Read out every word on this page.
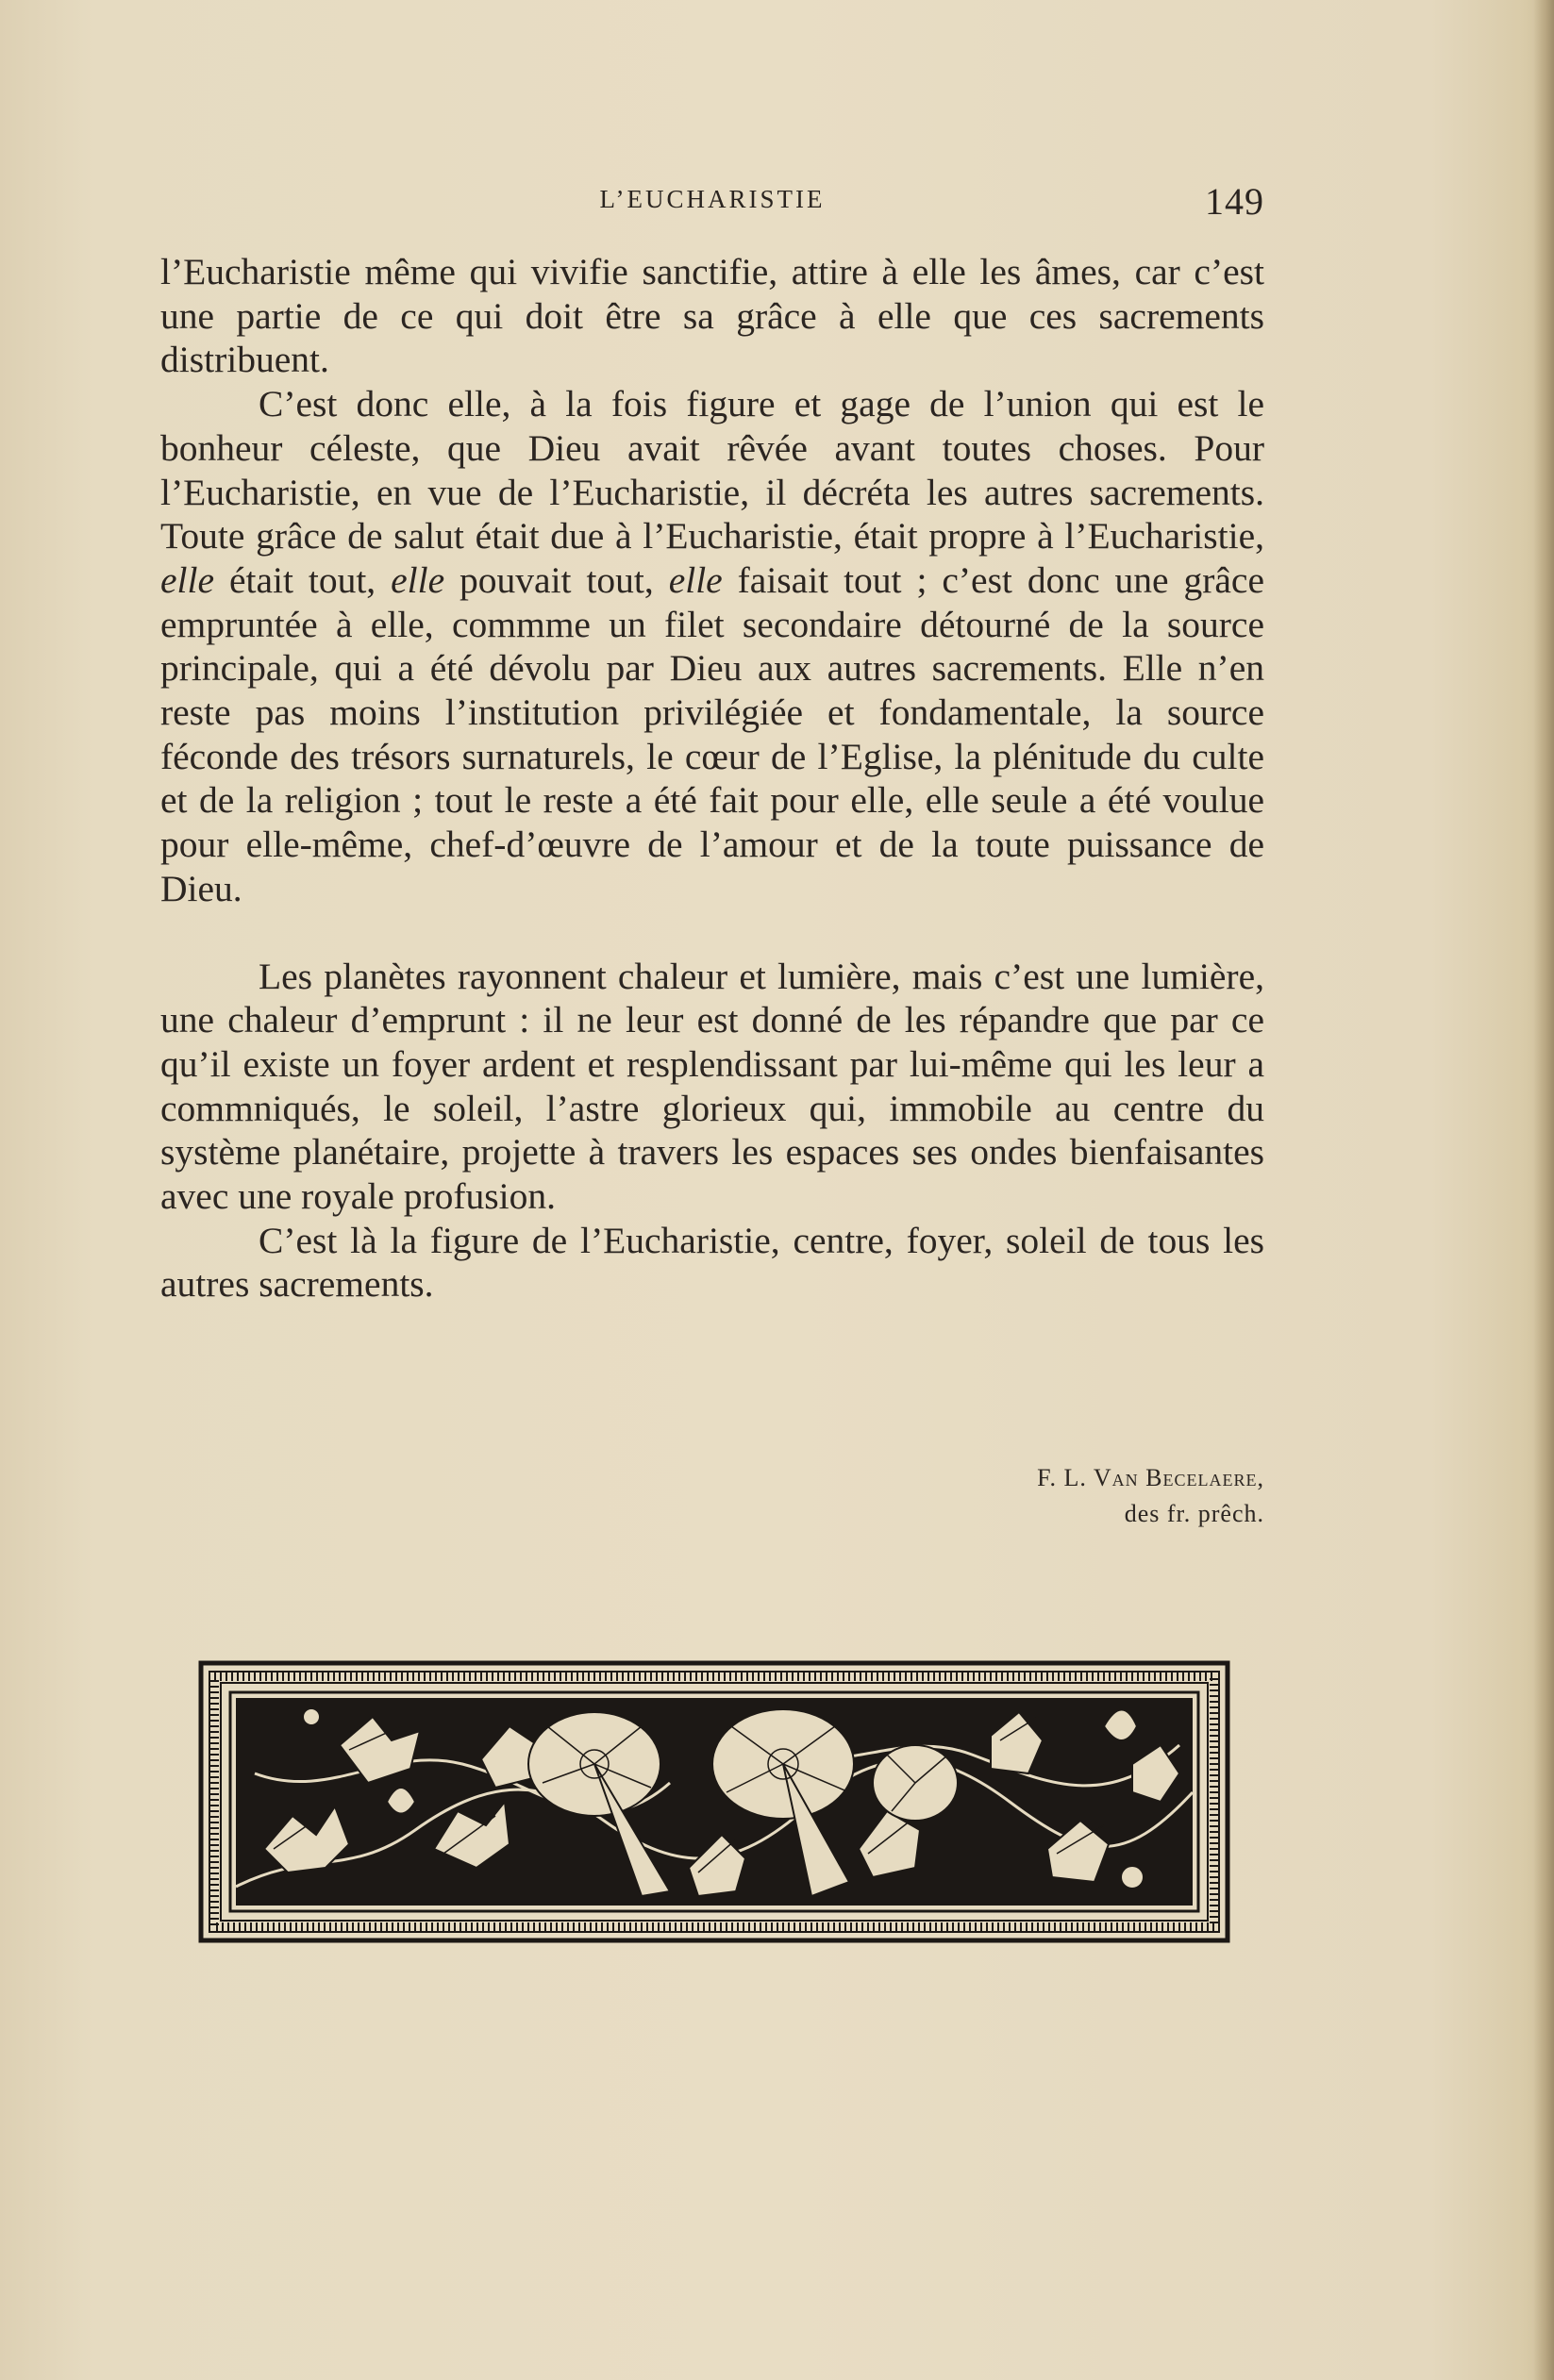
L’EUCHARISTIE	149

l’Eucharistie même qui vivifie sanctifie, attire à elle les âmes, car c’est une partie de ce qui doit être sa grâce à elle que ces sacrements distribuent.

C’est donc elle, à la fois figure et gage de l’union qui est le bonheur céleste, que Dieu avait rêvée avant toutes choses. Pour l’Eucharistie, en vue de l’Eucharistie, il décréta les autres sacrements. Toute grâce de salut était due à l’Eucharistie, était propre à l’Eucharistie, elle était tout, elle pouvait tout, elle faisait tout ; c’est donc une grâce empruntée à elle, commme un filet secondaire détourné de la source principale, qui a été dévolu par Dieu aux autres sacrements. Elle n’en reste pas moins l’institution privilégiée et fondamentale, la source féconde des trésors surnaturels, le cœur de l’Eglise, la plénitude du culte et de la religion ; tout le reste a été fait pour elle, elle seule a été voulue pour elle-même, chef-d’œuvre de l’amour et de la toute puissance de Dieu.

Les planètes rayonnent chaleur et lumière, mais c’est une lumière, une chaleur d’emprunt : il ne leur est donné de les répandre que par ce qu’il existe un foyer ardent et resplendissant par lui-même qui les leur a commniqués, le soleil, l’astre glorieux qui, immobile au centre du système planétaire, projette à travers les espaces ses ondes bienfaisantes avec une royale profusion.

C’est là la figure de l’Eucharistie, centre, foyer, soleil de tous les autres sacrements.

F. L. Van Becelaere,
des fr. prêch.
